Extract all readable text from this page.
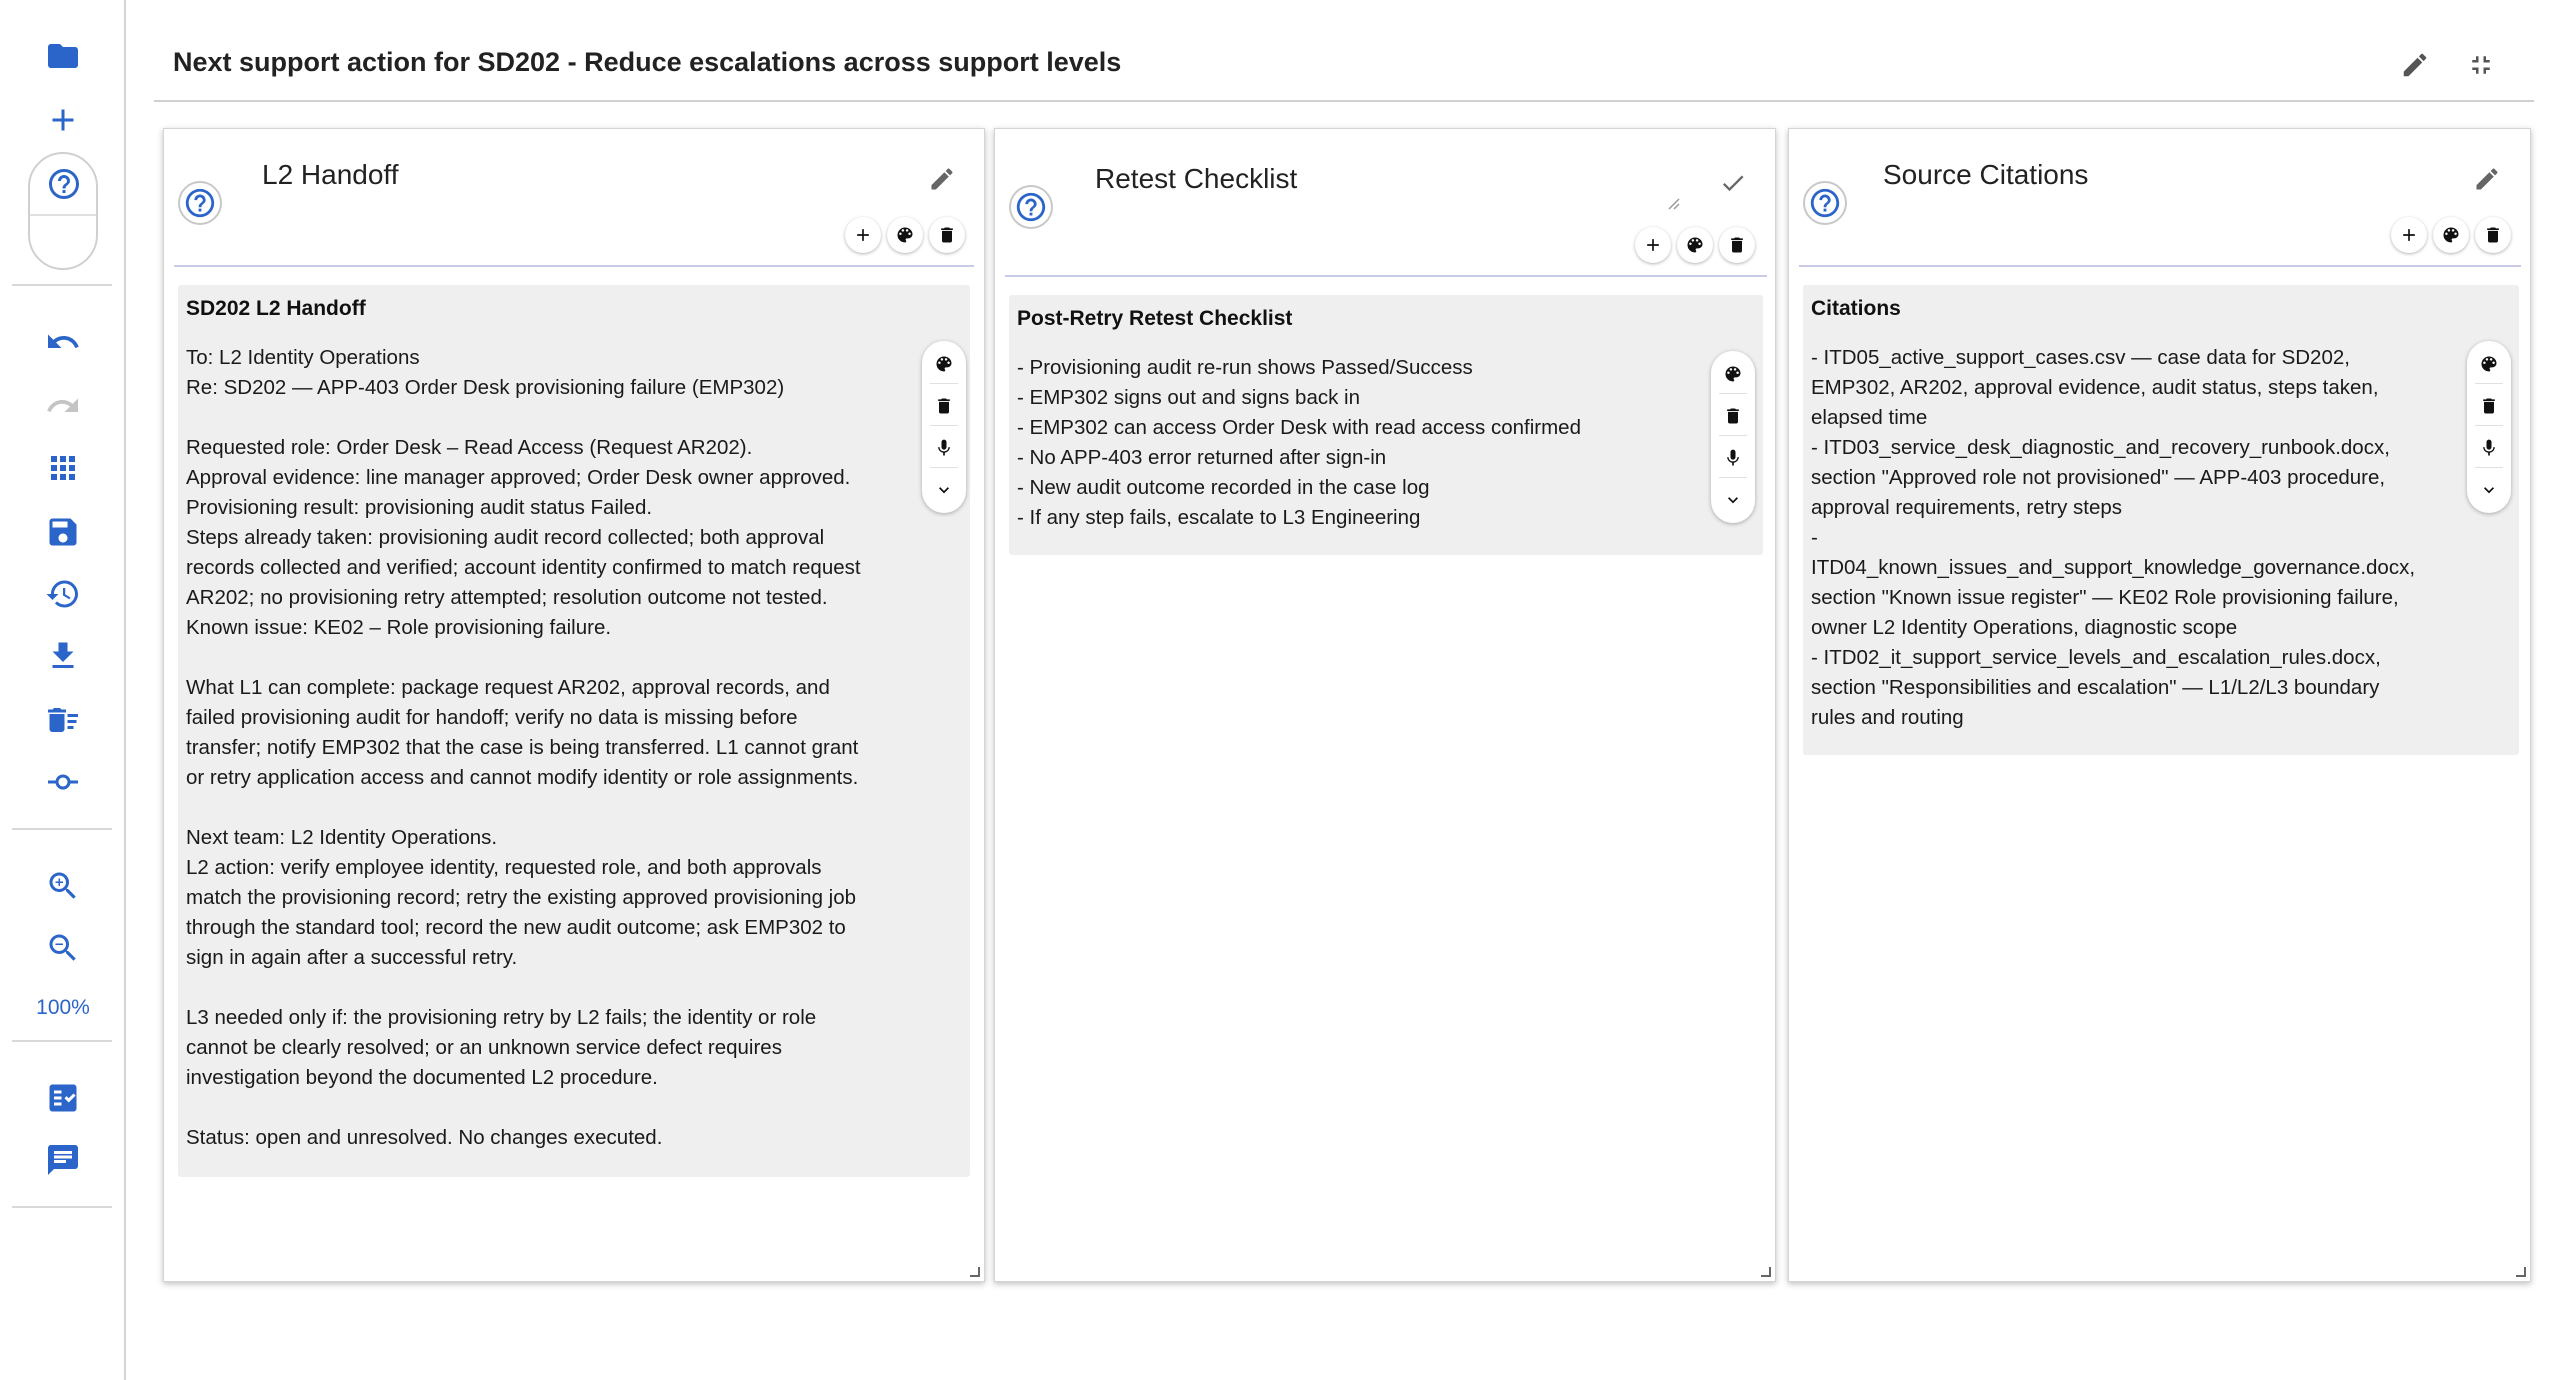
100%
Next support action for SD202 - Reduce escalations across support levels
L2 Handoff
SD202 L2 Handoff
To: L2 Identity Operations
Re: SD202 — APP-403 Order Desk provisioning failure (EMP302)
Requested role: Order Desk – Read Access (Request AR202).
Approval evidence: line manager approved; Order Desk owner approved.
Provisioning result: provisioning audit status Failed.
Steps already taken: provisioning audit record collected; both approval
records collected and verified; account identity confirmed to match request
AR202; no provisioning retry attempted; resolution outcome not tested.
Known issue: KE02 – Role provisioning failure.
What L1 can complete: package request AR202, approval records, and
failed provisioning audit for handoff; verify no data is missing before
transfer; notify EMP302 that the case is being transferred. L1 cannot grant
or retry application access and cannot modify identity or role assignments.
Next team: L2 Identity Operations.
L2 action: verify employee identity, requested role, and both approvals
match the provisioning record; retry the existing approved provisioning job
through the standard tool; record the new audit outcome; ask EMP302 to
sign in again after a successful retry.
L3 needed only if: the provisioning retry by L2 fails; the identity or role
cannot be clearly resolved; or an unknown service defect requires
investigation beyond the documented L2 procedure.
Status: open and unresolved. No changes executed.
Retest Checklist
Post-Retry Retest Checklist
- Provisioning audit re-run shows Passed/Success
- EMP302 signs out and signs back in
- EMP302 can access Order Desk with read access confirmed
- No APP-403 error returned after sign-in
- New audit outcome recorded in the case log
- If any step fails, escalate to L3 Engineering
Source Citations
Citations
- ITD05_active_support_cases.csv — case data for SD202,
EMP302, AR202, approval evidence, audit status, steps taken,
elapsed time
- ITD03_service_desk_diagnostic_and_recovery_runbook.docx,
section "Approved role not provisioned" — APP-403 procedure,
approval requirements, retry steps
-
ITD04_known_issues_and_support_knowledge_governance.docx,
section "Known issue register" — KE02 Role provisioning failure,
owner L2 Identity Operations, diagnostic scope
- ITD02_it_support_service_levels_and_escalation_rules.docx,
section "Responsibilities and escalation" — L1/L2/L3 boundary
rules and routing
